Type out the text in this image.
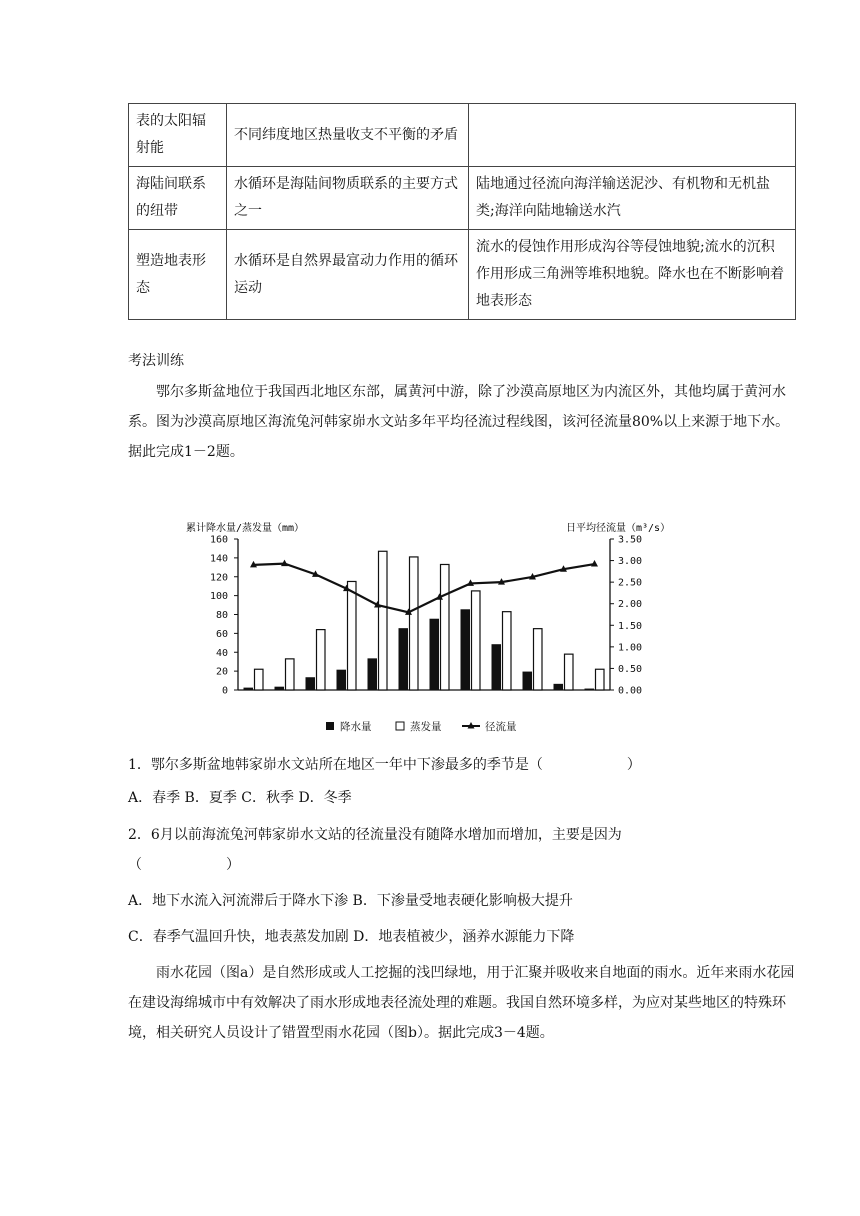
表的太阳辐射能	不同纬度地区热量收支不平衡的矛盾	
海陆间联系的纽带	水循环是海陆间物质联系的主要方式之一	陆地通过径流向海洋输送泥沙、有机物和无机盐类;海洋向陆地输送水汽
塑造地表形态	水循环是自然界最富动力作用的循环运动	流水的侵蚀作用形成沟谷等侵蚀地貌;流水的沉积作用形成三角洲等堆积地貌。降水也在不断影响着地表形态

考法训练

鄂尔多斯盆地位于我国西北地区东部，属黄河中游，除了沙漠高原地区为内流区外，其他均属于黄河水系。图为沙漠高原地区海流兔河韩家峁水文站多年平均径流过程线图，该河径流量80%以上来源于地下水。据此完成1－2题。

累计降水量/蒸发量（mm）	日平均径流量（m³/s）
0
20
40
60
80
100
120
140
160
0.00
0.50
1.00
1.50
2.00
2.50
3.00
3.50
降水量	蒸发量	径流量

1．鄂尔多斯盆地韩家峁水文站所在地区一年中下渗最多的季节是（　　　　　　）

A．春季 B．夏季 C．秋季 D．冬季

2．6月以前海流兔河韩家峁水文站的径流量没有随降水增加而增加，主要是因为

（　　　　　　）

A．地下水流入河流滞后于降水下渗 B．下渗量受地表硬化影响极大提升

C．春季气温回升快，地表蒸发加剧 D．地表植被少，涵养水源能力下降

雨水花园（图a）是自然形成或人工挖掘的浅凹绿地，用于汇聚并吸收来自地面的雨水。近年来雨水花园在建设海绵城市中有效解决了雨水形成地表径流处理的难题。我国自然环境多样，为应对某些地区的特殊环境，相关研究人员设计了错置型雨水花园（图b）。据此完成3－4题。
